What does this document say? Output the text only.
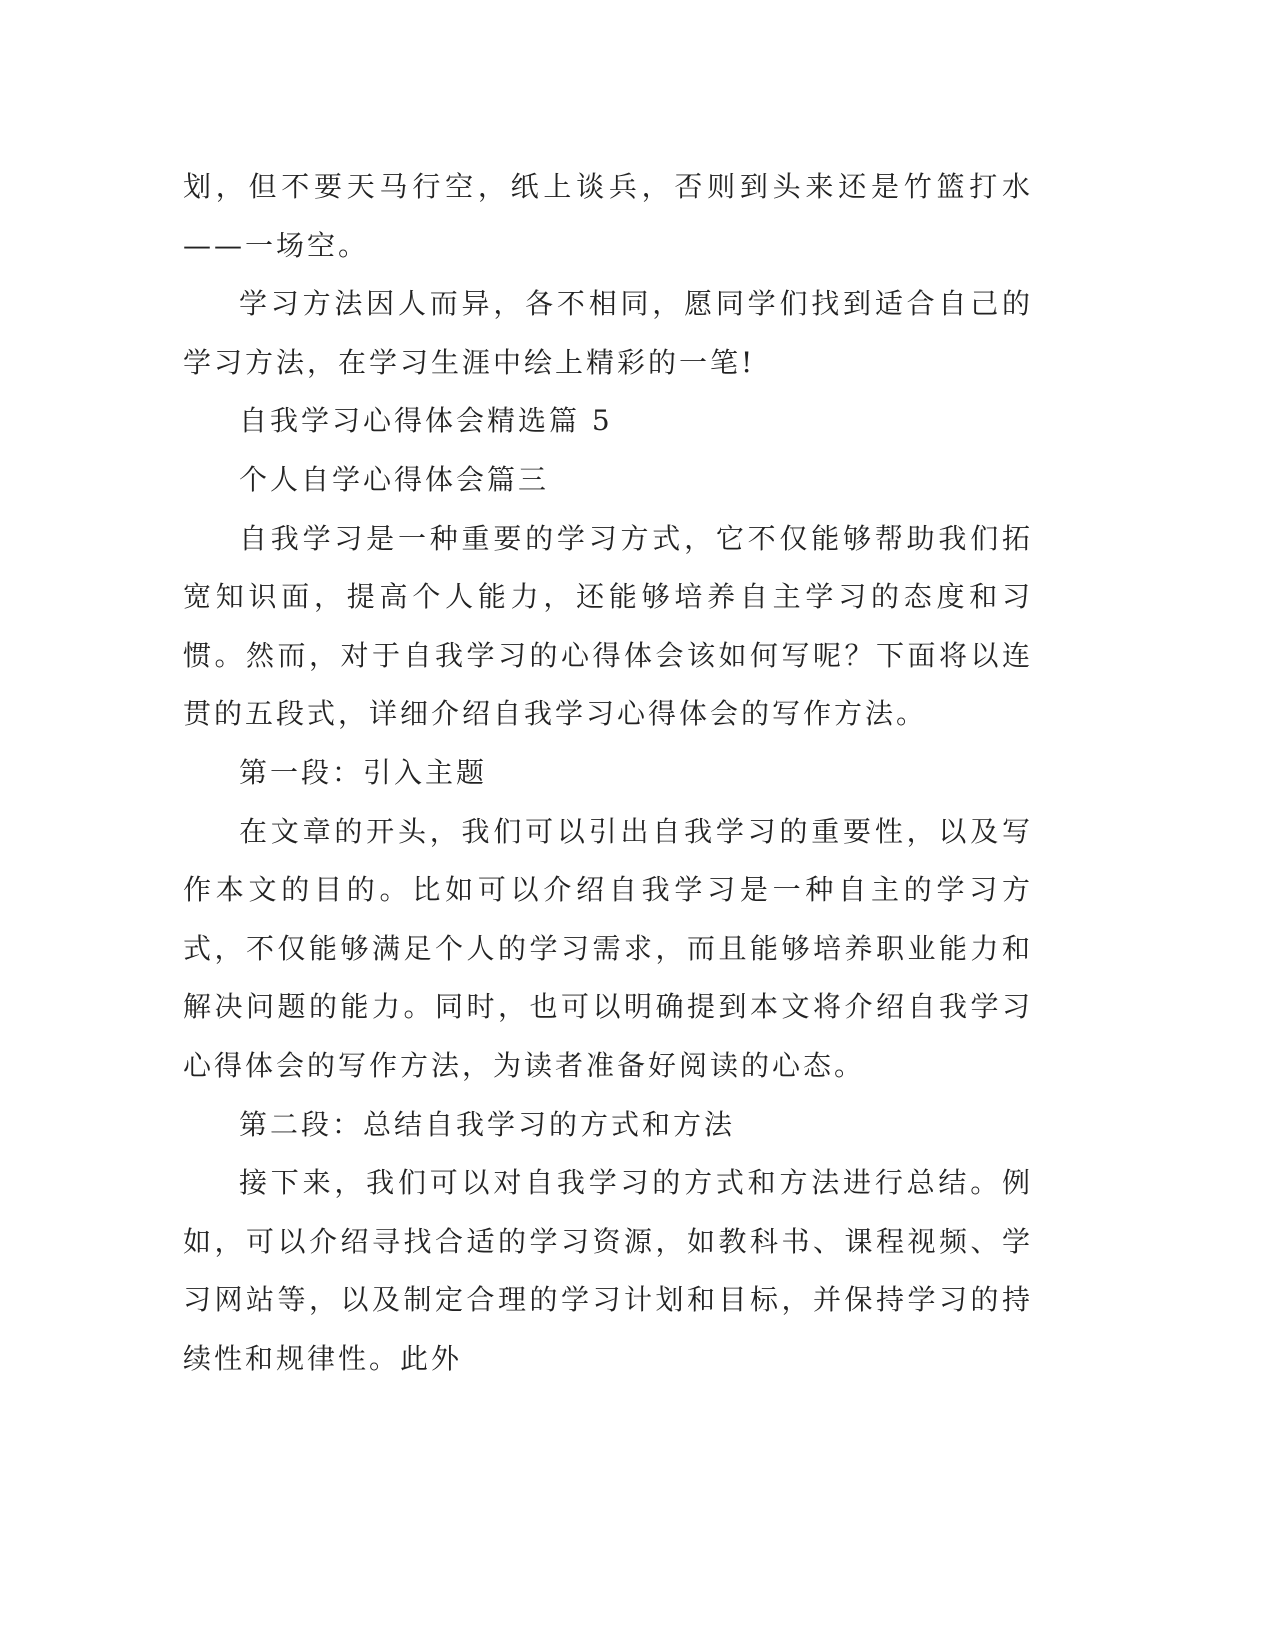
划，但不要天马行空，纸上谈兵，否则到头来还是竹篮打水——一场空。

学习方法因人而异，各不相同，愿同学们找到适合自己的学习方法，在学习生涯中绘上精彩的一笔!

自我学习心得体会精选篇 5

个人自学心得体会篇三

自我学习是一种重要的学习方式，它不仅能够帮助我们拓宽知识面，提高个人能力，还能够培养自主学习的态度和习惯。然而，对于自我学习的心得体会该如何写呢？下面将以连贯的五段式，详细介绍自我学习心得体会的写作方法。

第一段：引入主题

在文章的开头，我们可以引出自我学习的重要性，以及写作本文的目的。比如可以介绍自我学习是一种自主的学习方式，不仅能够满足个人的学习需求，而且能够培养职业能力和解决问题的能力。同时，也可以明确提到本文将介绍自我学习心得体会的写作方法，为读者准备好阅读的心态。

第二段：总结自我学习的方式和方法

接下来，我们可以对自我学习的方式和方法进行总结。例如，可以介绍寻找合适的学习资源，如教科书、课程视频、学习网站等，以及制定合理的学习计划和目标，并保持学习的持续性和规律性。此外
